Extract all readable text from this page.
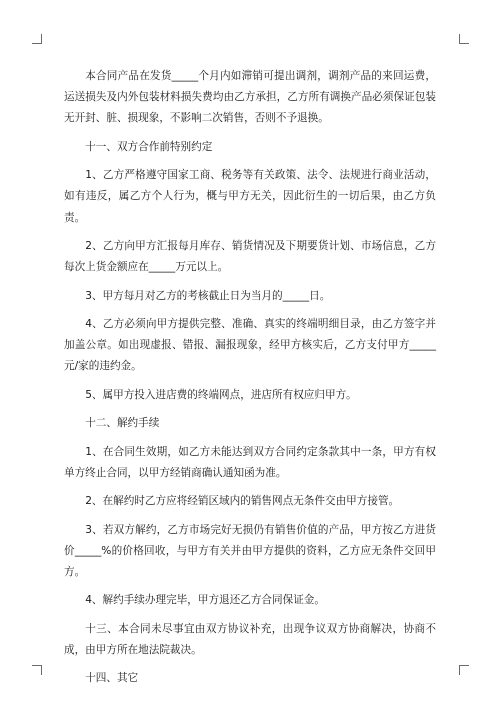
本合同产品在发货_____个月内如滞销可提出调剂，调剂产品的来回运费，运送损失及内外包装材料损失费均由乙方承担，乙方所有调换产品必须保证包装无开封、脏、损现象，不影响二次销售，否则不予退换。

十一、双方合作前特别约定

1、乙方严格遵守国家工商、税务等有关政策、法令、法规进行商业活动，如有违反，属乙方个人行为，概与甲方无关，因此衍生的一切后果，由乙方负责。

2、乙方向甲方汇报每月库存、销货情况及下期要货计划、市场信息，乙方每次上货金额应在_____万元以上。

3、甲方每月对乙方的考核截止日为当月的_____日。

4、乙方必须向甲方提供完整、准确、真实的终端明细目录，由乙方签字并加盖公章。如出现虚报、错报、漏报现象，经甲方核实后，乙方支付甲方_____元/家的违约金。

5、属甲方投入进店费的终端网点，进店所有权应归甲方。

十二、解约手续

1、在合同生效期，如乙方未能达到双方合同约定条款其中一条，甲方有权单方终止合同，以甲方经销商确认通知函为准。

2、在解约时乙方应将经销区域内的销售网点无条件交由甲方接管。

3、若双方解约，乙方市场完好无损仍有销售价值的产品，甲方按乙方进货价_____%的价格回收，与甲方有关并由甲方提供的资料，乙方应无条件交回甲方。

4、解约手续办理完毕，甲方退还乙方合同保证金。

十三、本合同未尽事宜由双方协议补充，出现争议双方协商解决，协商不成，由甲方所在地法院裁决。

十四、其它
